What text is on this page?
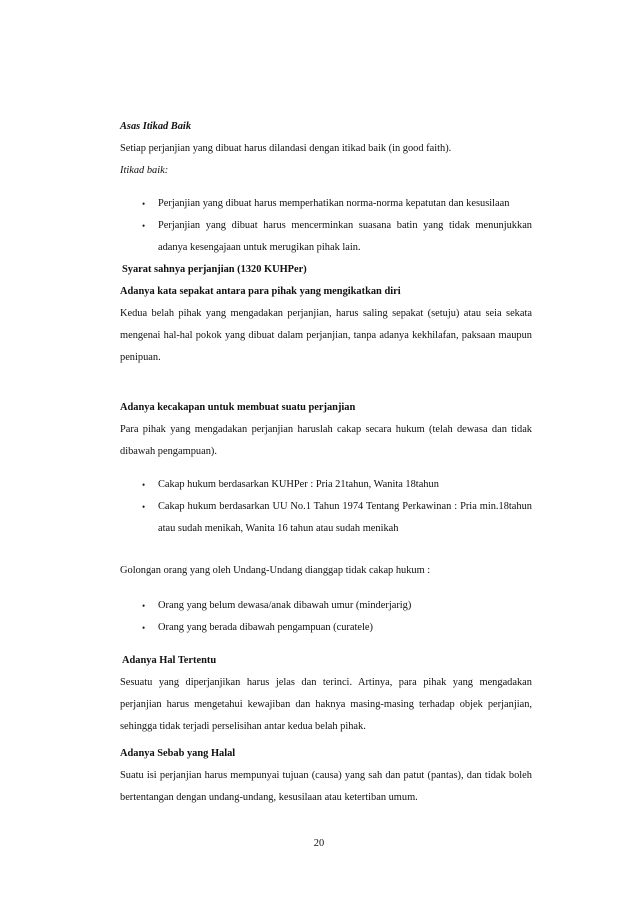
Asas Itikad Baik
Setiap perjanjian yang dibuat harus dilandasi dengan itikad baik (in good faith).
Itikad baik:
• Perjanjian yang dibuat harus memperhatikan norma-norma kepatutan dan kesusilaan
• Perjanjian yang dibuat harus mencerminkan suasana batin yang tidak menunjukkan
adanya kesengajaan untuk merugikan pihak lain.
Syarat sahnya perjanjian (1320 KUHPer)
Adanya kata sepakat antara para pihak yang mengikatkan diri
Kedua belah pihak yang mengadakan perjanjian, harus saling sepakat (setuju) atau seia sekata
mengenai hal-hal pokok yang dibuat dalam perjanjian, tanpa adanya kekhilafan, paksaan maupun
penipuan.
Adanya kecakapan untuk membuat suatu perjanjian
Para pihak yang mengadakan perjanjian haruslah cakap secara hukum (telah dewasa dan tidak
dibawah pengampuan).
• Cakap hukum berdasarkan KUHPer : Pria 21tahun, Wanita 18tahun
• Cakap hukum berdasarkan UU No.1 Tahun 1974 Tentang Perkawinan : Pria min.18tahun
atau sudah menikah, Wanita 16 tahun atau sudah menikah
Golongan orang yang oleh Undang-Undang dianggap tidak cakap hukum :
• Orang yang belum dewasa/anak dibawah umur (minderjarig)
• Orang yang berada dibawah pengampuan (curatele)
Adanya Hal Tertentu
Sesuatu yang diperjanjikan harus jelas dan terinci. Artinya, para pihak yang mengadakan
perjanjian harus mengetahui kewajiban dan haknya masing-masing terhadap objek perjanjian,
sehingga tidak terjadi perselisihan antar kedua belah pihak.
Adanya Sebab yang Halal
Suatu isi perjanjian harus mempunyai tujuan (causa) yang sah dan patut (pantas), dan tidak boleh
bertentangan dengan undang-undang, kesusilaan atau ketertiban umum.
20
